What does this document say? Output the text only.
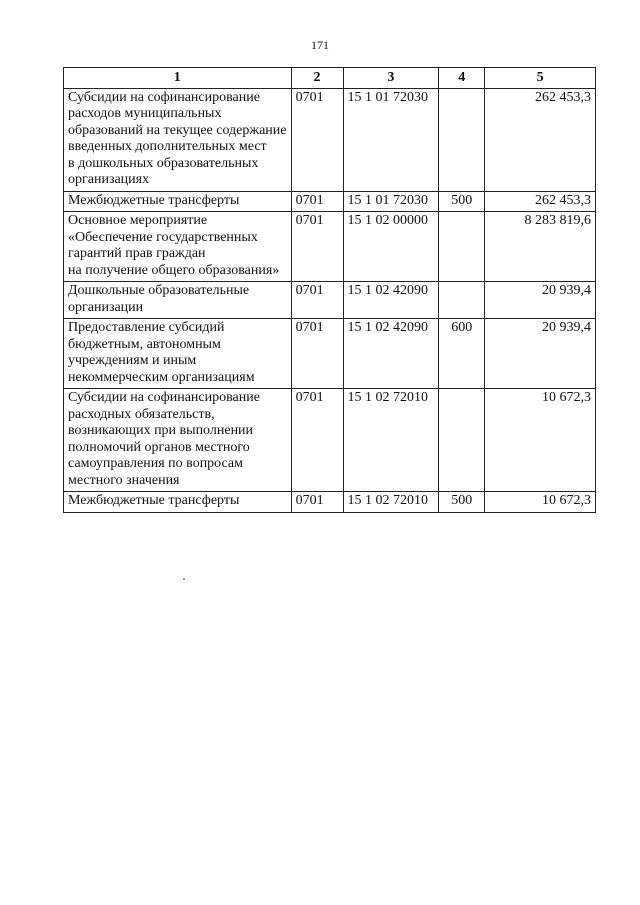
171
1	2	3	4	5
Субсидии на софинансирование расходов муниципальных образований на текущее содержание введенных дополнительных мест
в дошкольных образовательных организациях	0701	15 1 01 72030		262 453,3
Межбюджетные трансферты	0701	15 1 01 72030	500	262 453,3
Основное мероприятие «Обеспечение государственных гарантий прав граждан
на получение общего образования»	0701	15 1 02 00000		8 283 819,6
Дошкольные образовательные организации	0701	15 1 02 42090		20 939,4
Предоставление субсидий бюджетным, автономным учреждениям и иным некоммерческим организациям	0701	15 1 02 42090	600	20 939,4
Субсидии на софинансирование расходных обязательств, возникающих при выполнении полномочий органов местного самоуправления по вопросам местного значения	0701	15 1 02 72010		10 672,3
Межбюджетные трансферты	0701	15 1 02 72010	500	10 672,3
